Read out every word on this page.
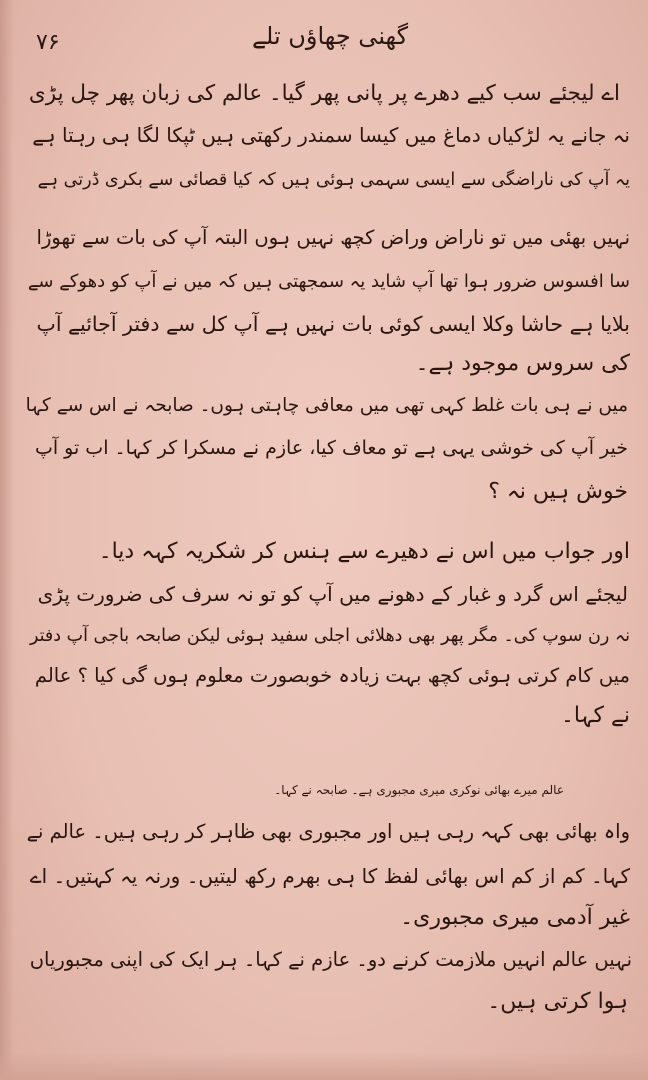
گھنی چھاؤں تلے
۷۶
اے لیجئے سب کیے دھرے پر پانی پھر گیا۔ عالم کی زبان پھر چل پڑی
نہ جانے یہ لڑکیاں دماغ میں کیسا سمندر رکھتی ہیں ٹپکا لگا ہی رہتا ہے
یہ آپ کی ناراضگی سے ایسی سہمی ہوئی ہیں کہ کیا قصائی سے بکری ڈرتی ہے
نہیں بھئی میں تو ناراض وراض کچھ نہیں ہوں البتہ آپ کی بات سے تھوڑا
سا افسوس ضرور ہوا تھا آپ شاید یہ سمجھتی ہیں کہ میں نے آپ کو دھوکے سے
بلایا ہے حاشا وکلا ایسی کوئی بات نہیں ہے آپ کل سے دفتر آجائیے آپ
کی سروس موجود ہے۔
میں نے ہی بات غلط کہی تھی میں معافی چاہتی ہوں۔ صابحہ نے اس سے کہا
خیر آپ کی خوشی یہی ہے تو معاف کیا، عازم نے مسکرا کر کہا۔ اب تو آپ
خوش ہیں نہ ؟
اور جواب میں اس نے دھیرے سے ہنس کر شکریہ کہہ دیا۔
لیجئے اس گرد و غبار کے دھونے میں آپ کو تو نہ سرف کی ضرورت پڑی
نہ رن سوپ کی۔ مگر پھر بھی دھلائی اجلی سفید ہوئی لیکن صابحہ باجی آپ دفتر
میں کام کرتی ہوئی کچھ بہت زیادہ خوبصورت معلوم ہوں گی کیا ؟ عالم
نے کہا۔
عالم میرے بھائی نوکری میری مجبوری ہے۔ صابحہ نے کہا۔
واہ بھائی بھی کہہ رہی ہیں اور مجبوری بھی ظاہر کر رہی ہیں۔ عالم نے
کہا۔ کم از کم اس بھائی لفظ کا ہی بھرم رکھ لیتیں۔ ورنہ یہ کہتیں۔ اے
غیر آدمی میری مجبوری۔
نہیں عالم انہیں ملازمت کرنے دو۔ عازم نے کہا۔ ہر ایک کی اپنی مجبوریاں
ہوا کرتی ہیں۔
